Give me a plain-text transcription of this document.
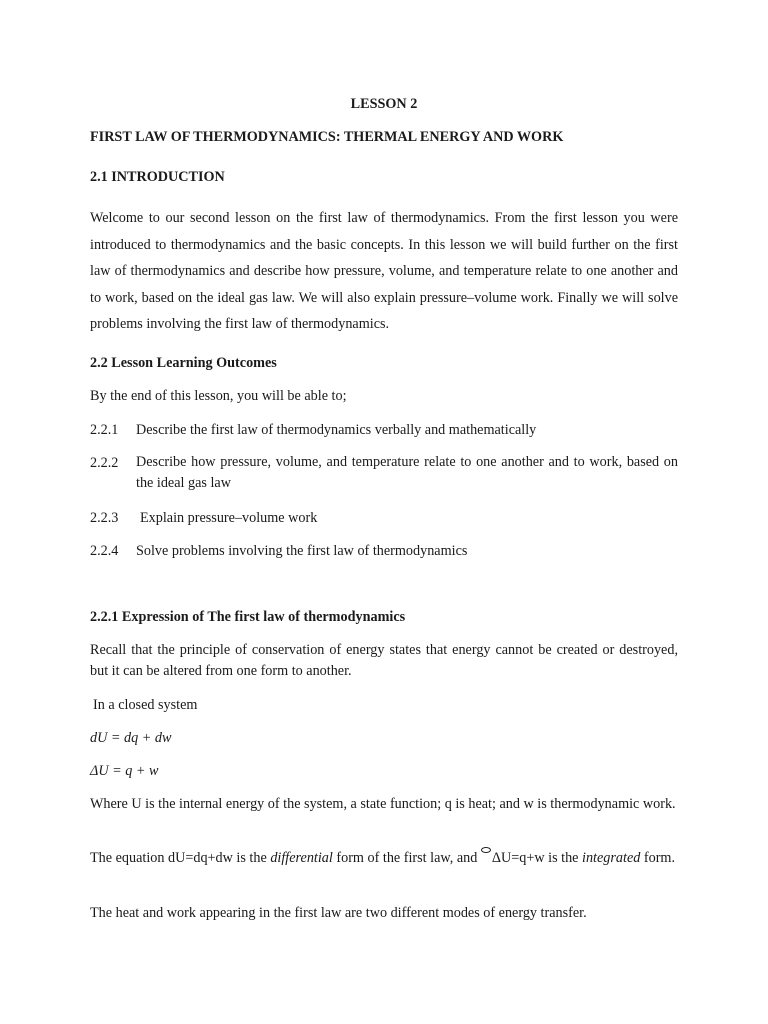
LESSON 2

FIRST LAW OF THERMODYNAMICS: THERMAL ENERGY AND WORK

2.1 INTRODUCTION

Welcome to our second lesson on the first law of thermodynamics. From the first lesson you were introduced to thermodynamics and the basic concepts. In this lesson we will build further on the first law of thermodynamics and describe how pressure, volume, and temperature relate to one another and to work, based on the ideal gas law. We will also explain pressure–volume work. Finally we will solve problems involving the first law of thermodynamics.

2.2 Lesson Learning Outcomes

By the end of this lesson, you will be able to;

2.2.1 Describe the first law of thermodynamics verbally and mathematically

2.2.2 Describe how pressure, volume, and temperature relate to one another and to work, based on the ideal gas law

2.2.3 Explain pressure–volume work

2.2.4 Solve problems involving the first law of thermodynamics

2.2.1 Expression of The first law of thermodynamics

Recall that the principle of conservation of energy states that energy cannot be created or destroyed, but it can be altered from one form to another.

In a closed system

dU = dq + dw

ΔU = q + w

Where U is the internal energy of the system, a state function; q is heat; and w is thermodynamic work.

The equation dU=dq+dw is the differential form of the first law, and ΔU=q+w is the integrated form.

The heat and work appearing in the first law are two different modes of energy transfer.
